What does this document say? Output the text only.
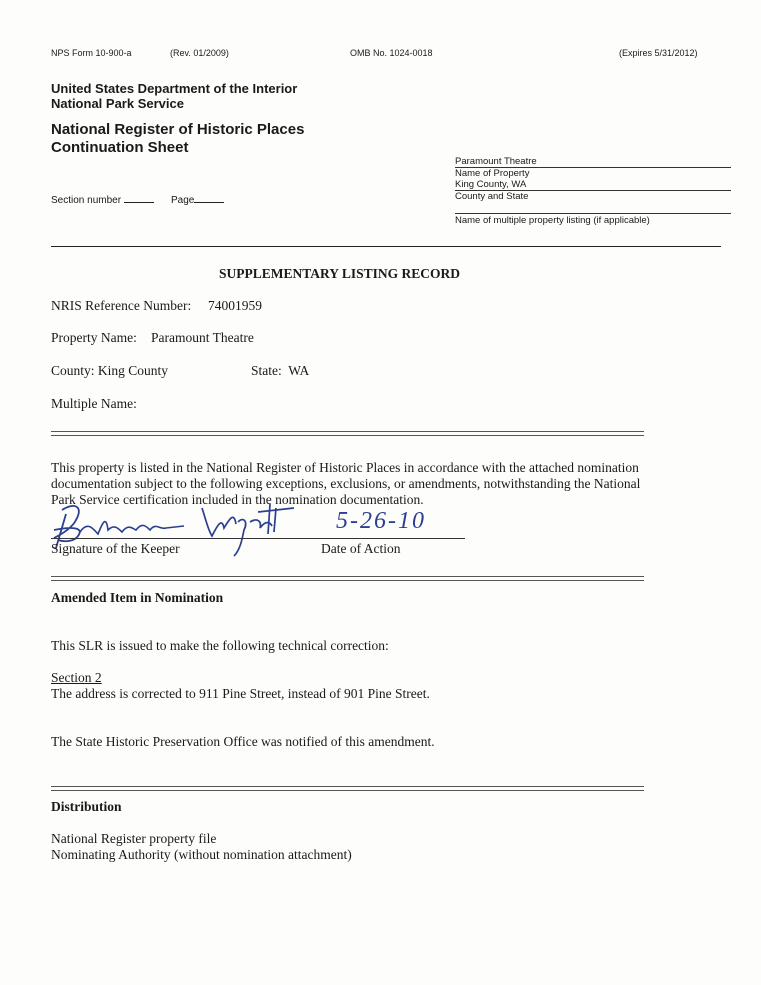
NPS Form 10-900-a	(Rev. 01/2009)	OMB No. 1024-0018	(Expires 5/31/2012)
United States Department of the Interior
National Park Service
National Register of Historic Places
Continuation Sheet
Section number	Page
Paramount Theatre
Name of Property
King County, WA
County and State
Name of multiple property listing (if applicable)
SUPPLEMENTARY LISTING RECORD
NRIS Reference Number: 74001959
Property Name: Paramount Theatre
County: King County	State: WA
Multiple Name:
This property is listed in the National Register of Historic Places in accordance with the attached nomination documentation subject to the following exceptions, exclusions, or amendments, notwithstanding the National Park Service certification included in the nomination documentation.
5-26-10
Signature of the Keeper	Date of Action
Amended Item in Nomination
This SLR is issued to make the following technical correction:
Section 2
The address is corrected to 911 Pine Street, instead of 901 Pine Street.
The State Historic Preservation Office was notified of this amendment.
Distribution
National Register property file
Nominating Authority (without nomination attachment)
